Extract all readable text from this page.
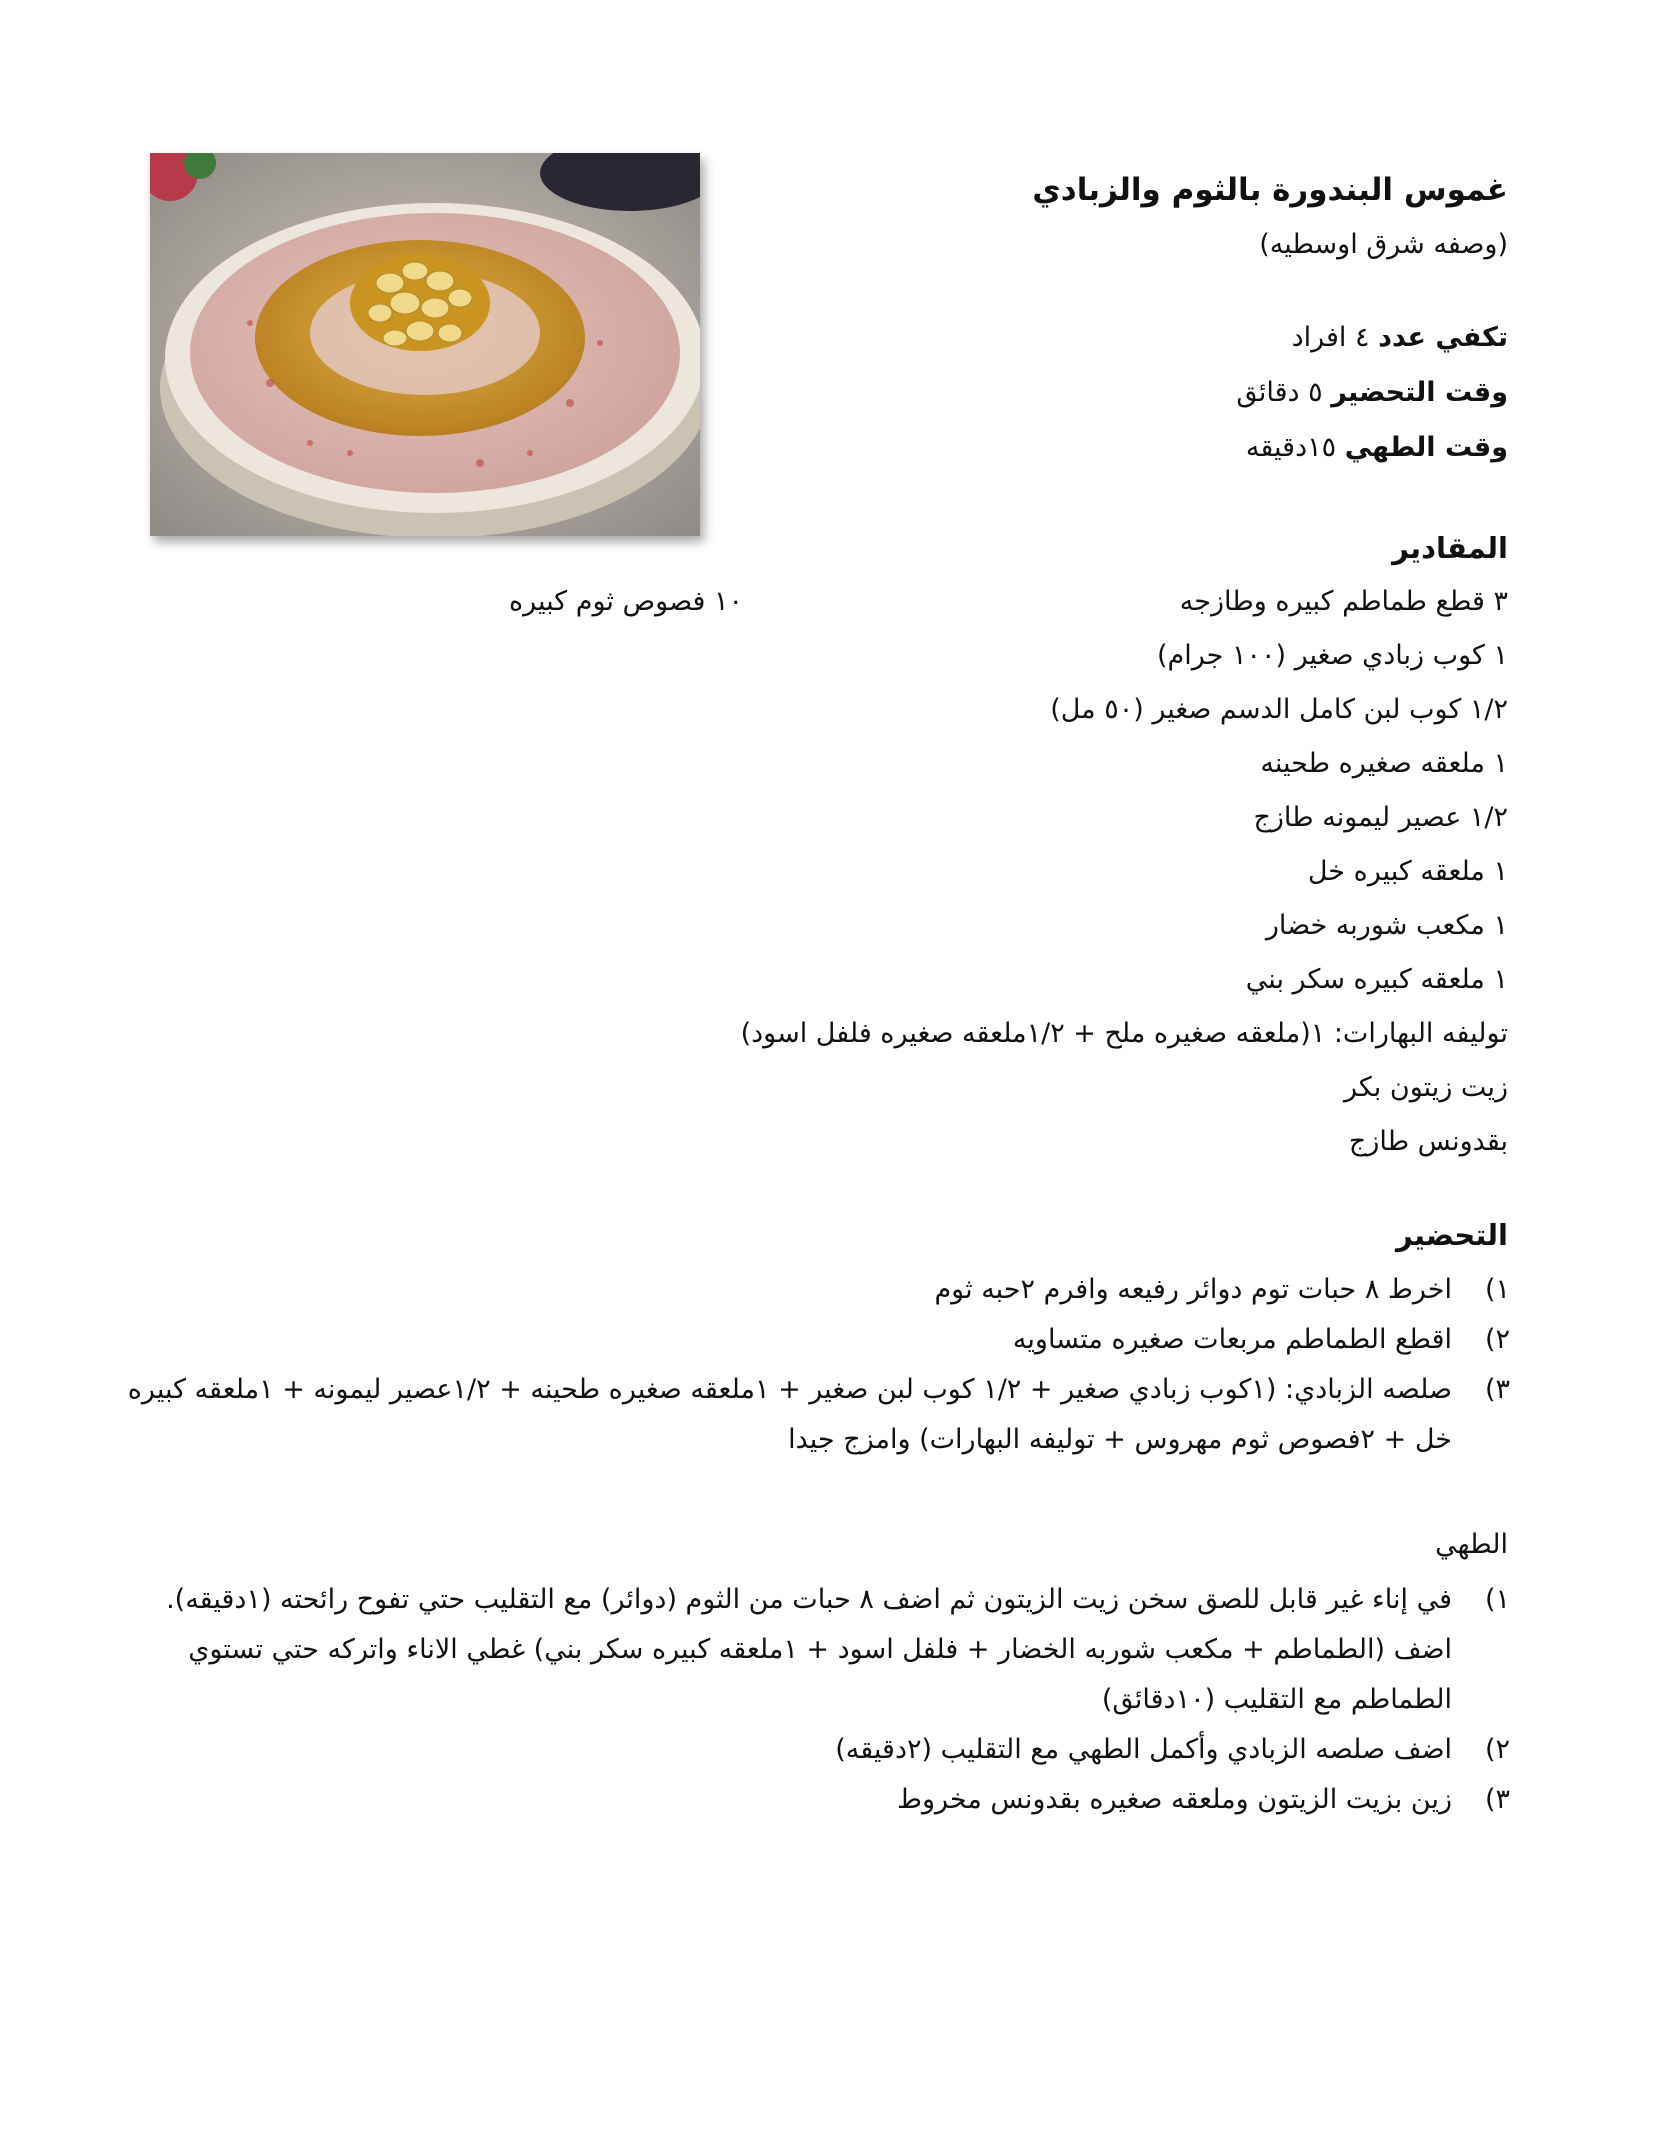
غموس البندورة بالثوم والزبادي
(وصفه شرق اوسطيه)
تكفي عدد ٤ افراد
وقت التحضير ٥ دقائق
وقت الطهي ١٥دقيقه
المقادير
٣ قطع طماطم كبيره وطازجه
١٠ فصوص ثوم كبيره
١ كوب زبادي صغير (١٠٠ جرام)
١/٢ كوب لبن كامل الدسم صغير (٥٠ مل)
١ ملعقه صغيره طحينه
١/٢ عصير ليمونه طازج
١ ملعقه كبيره خل
١ مكعب شوربه خضار
١ ملعقه كبيره سكر بني
توليفه البهارات: ١(ملعقه صغيره ملح + ١/٢ملعقه صغيره فلفل اسود)
زيت زيتون بكر
بقدونس طازج
التحضير
١)
اخرط ٨ حبات توم دوائر رفيعه وافرم ٢حبه ثوم
٢)
اقطع الطماطم مربعات صغيره متساويه
٣)
صلصه الزبادي: (١كوب زبادي صغير + ١/٢ كوب لبن صغير + ١ملعقه صغيره طحينه + ١/٢عصير ليمونه + ١ملعقه كبيره خل + ٢فصوص ثوم مهروس + توليفه البهارات) وامزج جيدا
الطهي
١)
في إناء غير قابل للصق سخن زيت الزيتون ثم اضف ٨ حبات من الثوم (دوائر) مع التقليب حتي تفوح رائحته (١دقيقه). اضف (الطماطم + مكعب شوربه الخضار + فلفل اسود + ١ملعقه كبيره سكر بني) غطي الاناء واتركه حتي تستوي الطماطم مع التقليب (١٠دقائق)
٢)
اضف صلصه الزبادي وأكمل الطهي مع التقليب (٢دقيقه)
٣)
زين بزيت الزيتون وملعقه صغيره بقدونس مخروط
